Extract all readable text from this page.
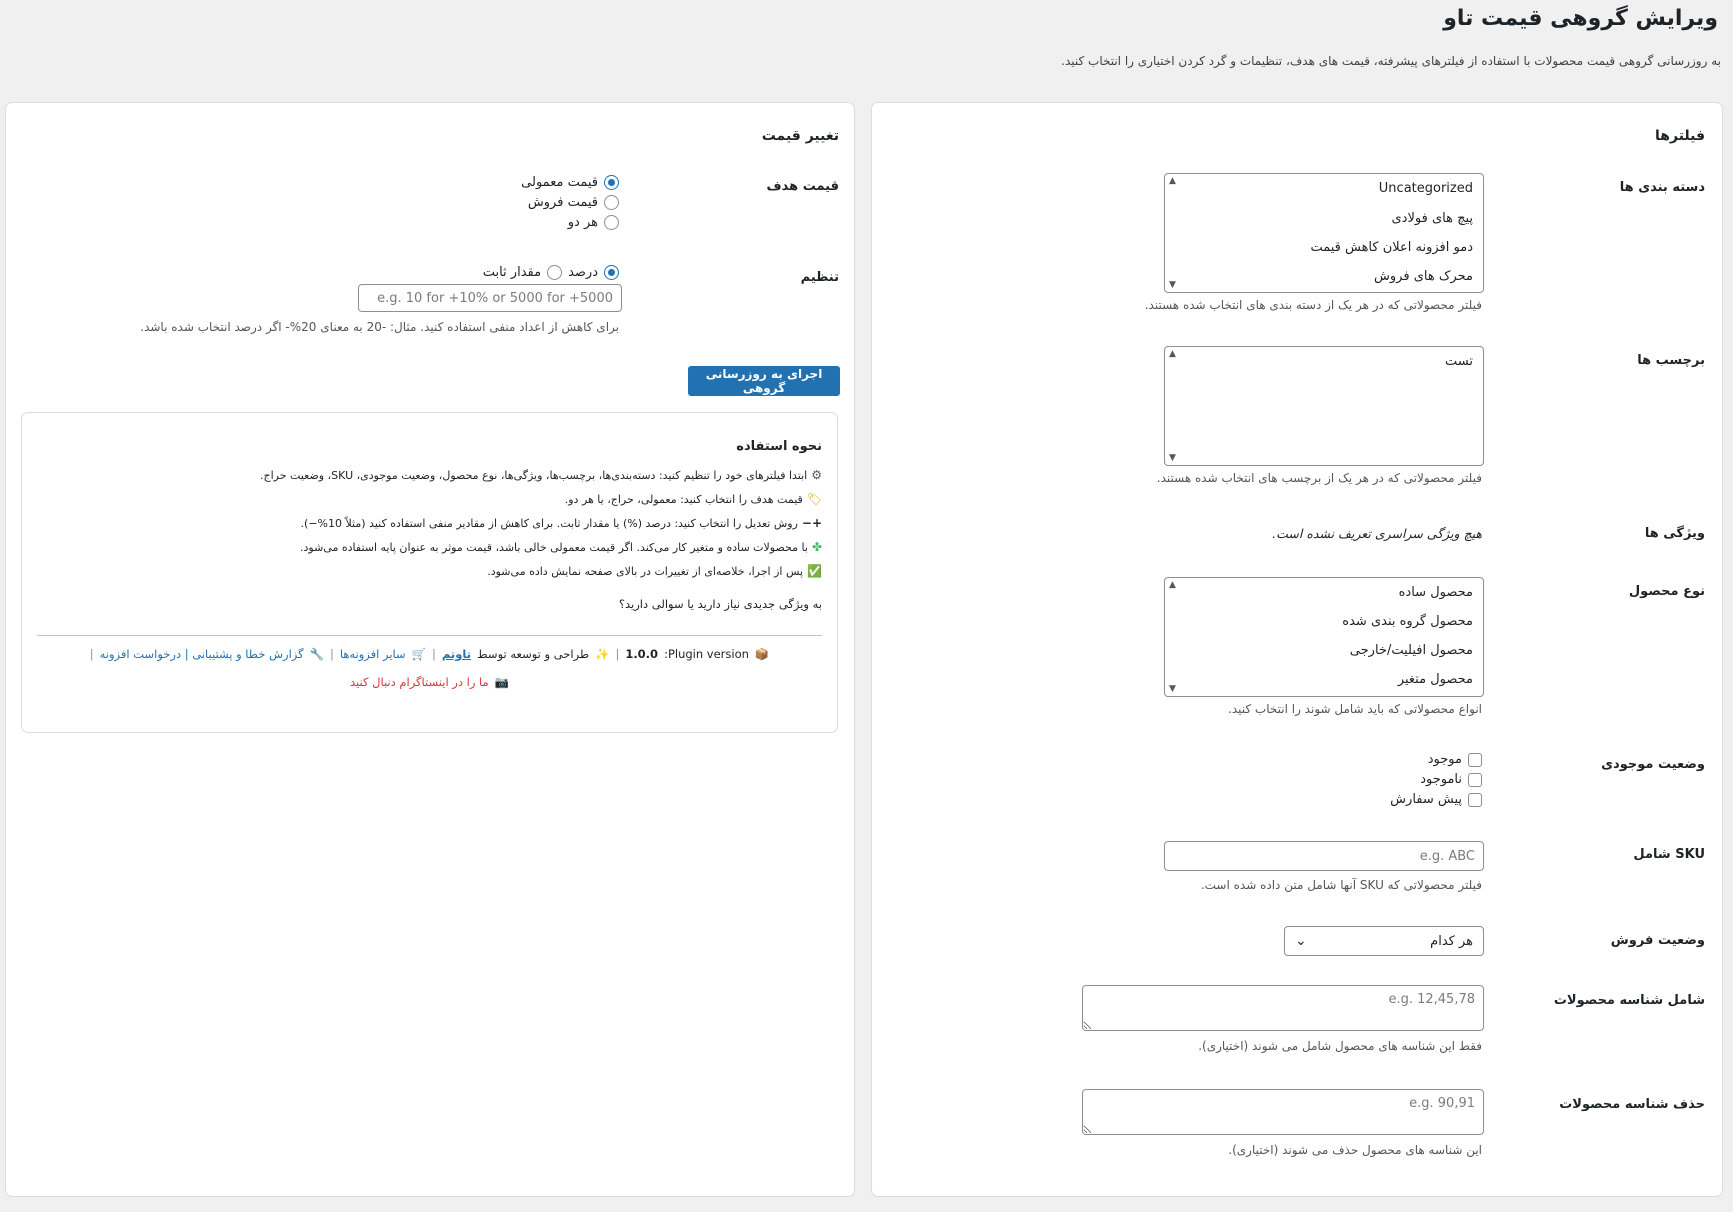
ویرایش گروهی قیمت تاو

به روزرسانی گروهی قیمت محصولات با استفاده از فیلترهای پیشرفته، قیمت های هدف، تنظیمات و گرد کردن اختیاری را انتخاب کنید.

فیلترها
دسته بندی ها
▲	Uncategorized
پیچ های فولادی
دمو افزونه اعلان کاهش قیمت
محرک های فروش
▼
فیلتر محصولاتی که در هر یک از دسته بندی های انتخاب شده هستند.
برچسب ها
▲	تست
▼
فیلتر محصولاتی که در هر یک از برچسب های انتخاب شده هستند.
ویژگی ها
هیچ ویژگی سراسری تعریف نشده است.
نوع محصول
▲	محصول ساده
محصول گروه بندی شده
محصول افیلیت/خارجی
محصول متغیر
▼
انواع محصولاتی که باید شامل شوند را انتخاب کنید.
وضعیت موجودی
موجود
ناموجود
پیش سفارش
SKU شامل
e.g. ABC
فیلتر محصولاتی که SKU آنها شامل متن داده شده است.
وضعیت فروش
هر کدام
⌄
شامل شناسه محصولات
e.g. 12,45,78
فقط این شناسه های محصول شامل می شوند (اختیاری).
حذف شناسه محصولات
e.g. 90,91
این شناسه های محصول حذف می شوند (اختیاری).
تغییر قیمت
قیمت هدف
قیمت معمولی
قیمت فروش
هر دو
تنظیم
درصد
مقدار ثابت
e.g. 10 for +10% or 5000 for +5000
برای کاهش از اعداد منفی استفاده کنید. مثال: -20 به معنای 20%- اگر درصد انتخاب شده باشد.
اجرای به روزرسانی گروهی
نحوه استفاده
⚙
ابتدا فیلترهای خود را تنظیم کنید: دسته‌بندی‌ها، برچسب‌ها، ویژگی‌ها، نوع محصول، وضعیت موجودی، SKU، وضعیت حراج.
🏷
قیمت هدف را انتخاب کنید: معمولی، حراج، یا هر دو.
+−
روش تعدیل را انتخاب کنید: درصد (%) یا مقدار ثابت. برای کاهش از مقادیر منفی استفاده کنید (مثلاً 10%−).
✤
با محصولات ساده و متغیر کار می‌کند. اگر قیمت معمولی خالی باشد، قیمت موثر به عنوان پایه استفاده می‌شود.
✅
پس از اجرا، خلاصه‌ای از تغییرات در بالای صفحه نمایش داده می‌شود.
به ویژگی جدیدی نیاز دارید یا سوالی دارید؟
📦
Plugin version:
1.0.0
|
✨
طراحی و توسعه توسط
تاوتم
|
🛒
سایر افزونه‌ها
|
🔧
گزارش خطا و پشتیبانی | درخواست افزونه
|
📷
ما را در اینستاگرام دنبال کنید
